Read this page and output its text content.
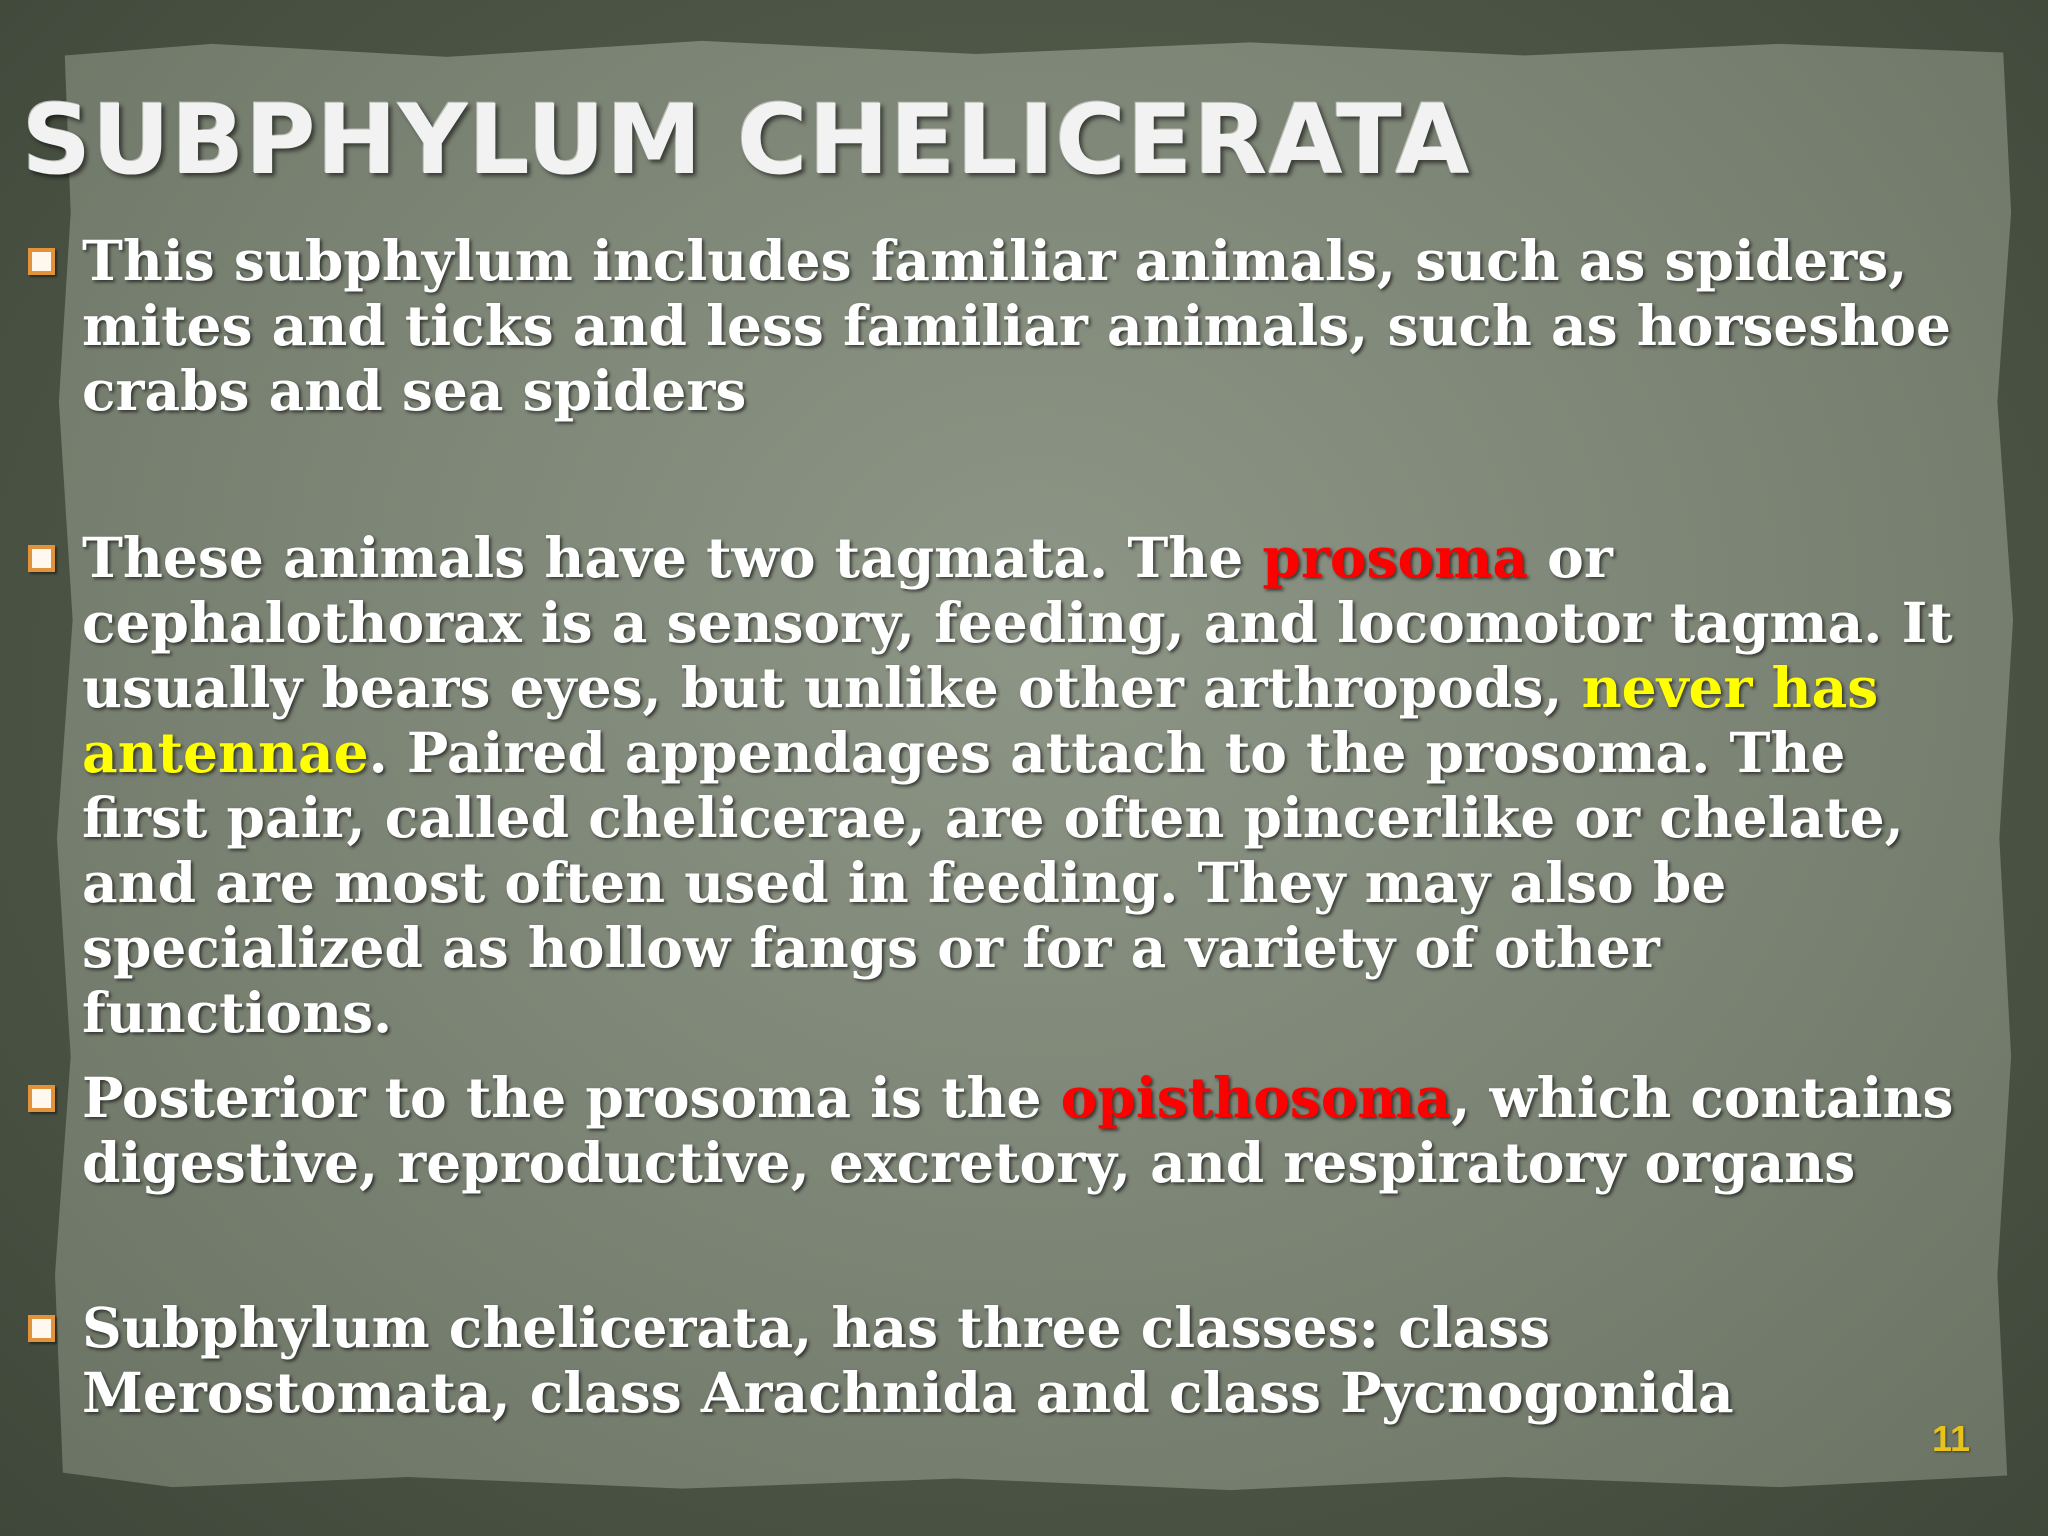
SUBPHYLUM CHELICERATA

This subphylum includes familiar animals, such as spiders,
mites and ticks and less familiar animals, such as horseshoe
crabs and sea spiders

These animals have two tagmata. The prosoma or
cephalothorax is a sensory, feeding, and locomotor tagma. It
usually bears eyes, but unlike other arthropods, never has
antennae. Paired appendages attach to the prosoma. The
first pair, called chelicerae, are often pincerlike or chelate,
and are most often used in feeding. They may also be
specialized as hollow fangs or for a variety of other
functions.

Posterior to the prosoma is the opisthosoma, which contains
digestive, reproductive, excretory, and respiratory organs

Subphylum chelicerata, has three classes: class
Merostomata, class Arachnida and class Pycnogonida

11
